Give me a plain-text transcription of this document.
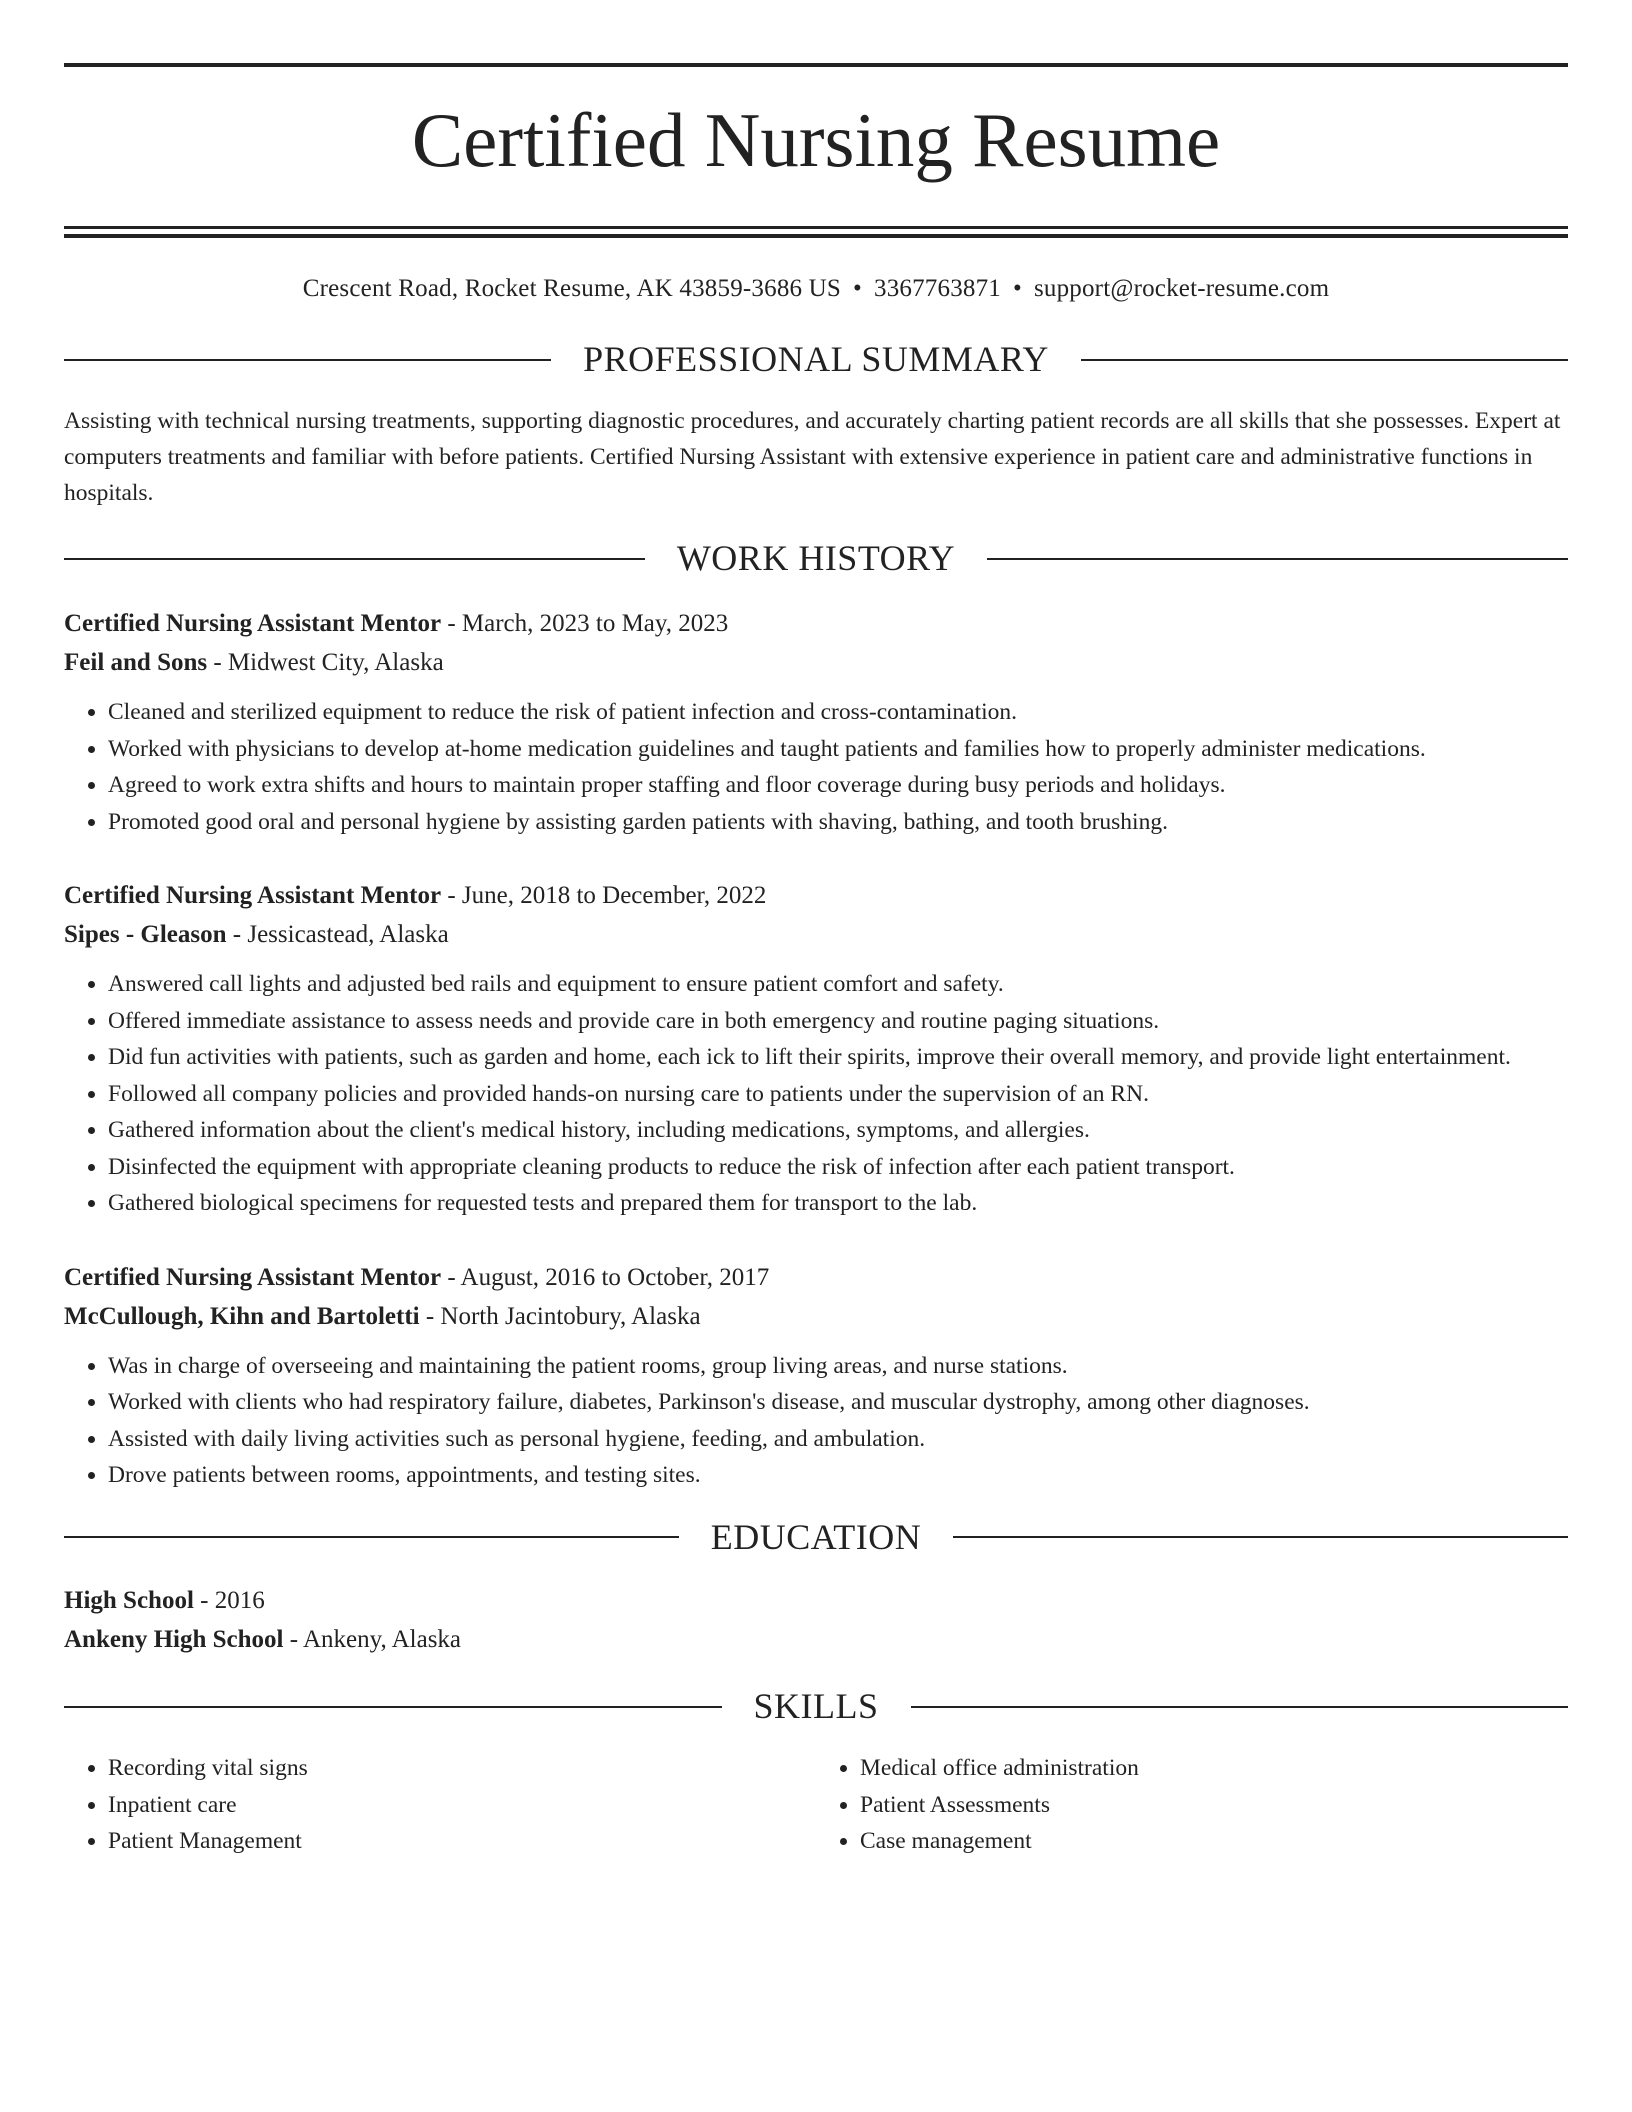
Certified Nursing Resume
Crescent Road, Rocket Resume, AK 43859-3686 US • 3367763871 • support@rocket-resume.com
PROFESSIONAL SUMMARY
Assisting with technical nursing treatments, supporting diagnostic procedures, and accurately charting patient records are all skills that she possesses. Expert at computers treatments and familiar with before patients. Certified Nursing Assistant with extensive experience in patient care and administrative functions in hospitals.
WORK HISTORY
Certified Nursing Assistant Mentor - March, 2023 to May, 2023
Feil and Sons - Midwest City, Alaska
• Cleaned and sterilized equipment to reduce the risk of patient infection and cross-contamination.
• Worked with physicians to develop at-home medication guidelines and taught patients and families how to properly administer medications.
• Agreed to work extra shifts and hours to maintain proper staffing and floor coverage during busy periods and holidays.
• Promoted good oral and personal hygiene by assisting garden patients with shaving, bathing, and tooth brushing.
Certified Nursing Assistant Mentor - June, 2018 to December, 2022
Sipes - Gleason - Jessicastead, Alaska
• Answered call lights and adjusted bed rails and equipment to ensure patient comfort and safety.
• Offered immediate assistance to assess needs and provide care in both emergency and routine paging situations.
• Did fun activities with patients, such as garden and home, each ick to lift their spirits, improve their overall memory, and provide light entertainment.
• Followed all company policies and provided hands-on nursing care to patients under the supervision of an RN.
• Gathered information about the client's medical history, including medications, symptoms, and allergies.
• Disinfected the equipment with appropriate cleaning products to reduce the risk of infection after each patient transport.
• Gathered biological specimens for requested tests and prepared them for transport to the lab.
Certified Nursing Assistant Mentor - August, 2016 to October, 2017
McCullough, Kihn and Bartoletti - North Jacintobury, Alaska
• Was in charge of overseeing and maintaining the patient rooms, group living areas, and nurse stations.
• Worked with clients who had respiratory failure, diabetes, Parkinson's disease, and muscular dystrophy, among other diagnoses.
• Assisted with daily living activities such as personal hygiene, feeding, and ambulation.
• Drove patients between rooms, appointments, and testing sites.
EDUCATION
High School - 2016
Ankeny High School - Ankeny, Alaska
SKILLS
• Recording vital signs
• Inpatient care
• Patient Management
• Medical office administration
• Patient Assessments
• Case management
